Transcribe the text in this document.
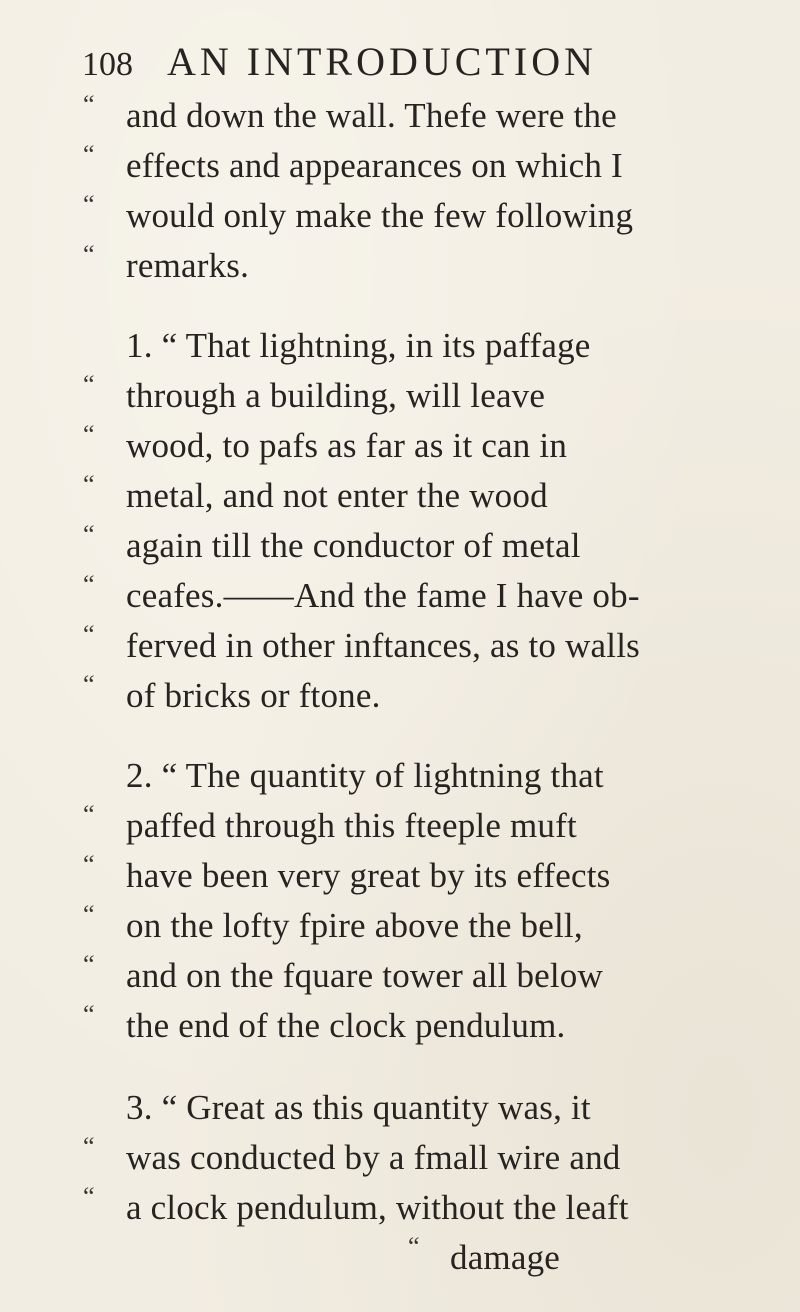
108 AN INTRODUCTION
“ and down the wall. Thefe were the
“ effects and appearances on which I
“ would only make the few following
“ remarks.
1. “ That lightning, in its paffage
“ through a building, will leave
“ wood, to pafs as far as it can in
“ metal, and not enter the wood
“ again till the conductor of metal
“ ceafes.——And the fame I have ob-
“ ferved in other inftances, as to walls
“ of bricks or ftone.
2. “ The quantity of lightning that
“ paffed through this fteeple muft
“ have been very great by its effects
“ on the lofty fpire above the bell,
“ and on the fquare tower all below
“ the end of the clock pendulum.
3. “ Great as this quantity was, it
“ was conducted by a fmall wire and
“ a clock pendulum, without the leaft
“ damage
